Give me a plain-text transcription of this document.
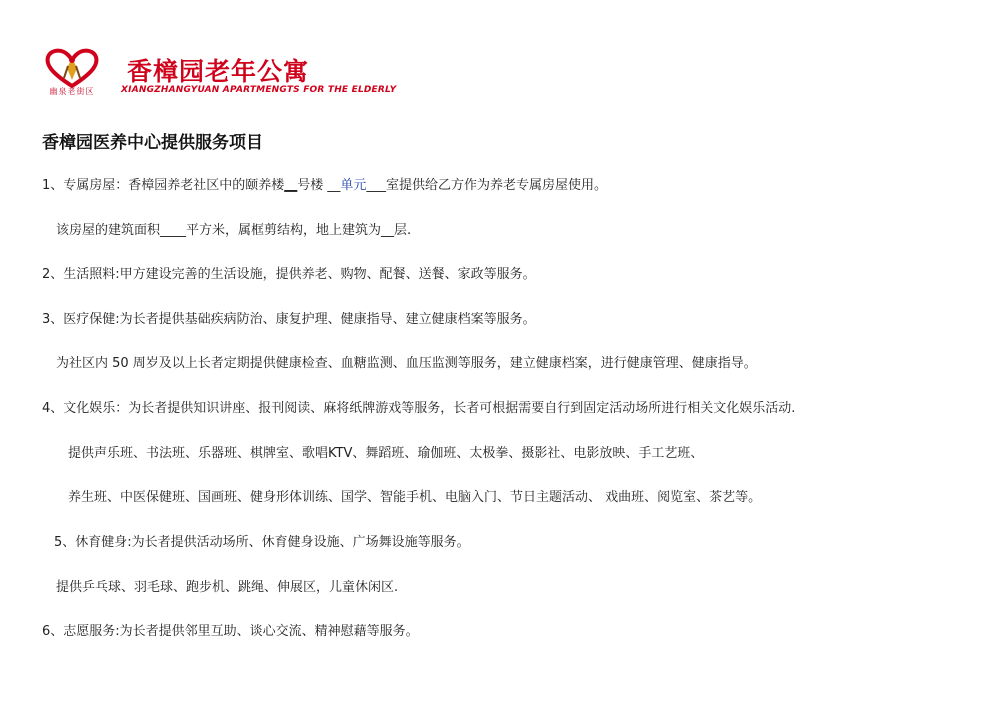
幽泉老街区
香樟园老年公寓
XIANGZHANGYUAN APARTMENGTS FOR THE ELDERLY
香樟园医养中心提供服务项目
1、专属房屋：香樟园养老社区中的颐养楼__号楼 __单元___室提供给乙方作为养老专属房屋使用。
该房屋的建筑面积____平方米，属框剪结构，地上建筑为__层.
2、生活照料:甲方建设完善的生活设施，提供养老、购物、配餐、送餐、家政等服务。
3、医疗保健:为长者提供基础疾病防治、康复护理、健康指导、建立健康档案等服务。
为社区内 50 周岁及以上长者定期提供健康检查、血糖监测、血压监测等服务，建立健康档案，进行健康管理、健康指导。
4、文化娱乐：为长者提供知识讲座、报刊阅读、麻将纸牌游戏等服务，长者可根据需要自行到固定活动场所进行相关文化娱乐活动.
提供声乐班、书法班、乐器班、棋牌室、歌唱KTV、舞蹈班、瑜伽班、太极拳、摄影社、电影放映、手工艺班、
养生班、中医保健班、国画班、健身形体训练、国学、智能手机、电脑入门、节日主题活动、 戏曲班、阅览室、茶艺等。
5、休育健身:为长者提供活动场所、休育健身设施、广场舞设施等服务。
提供乒乓球、羽毛球、跑步机、跳绳、伸展区，儿童休闲区.
6、志愿服务:为长者提供邻里互助、谈心交流、精神慰藉等服务。
